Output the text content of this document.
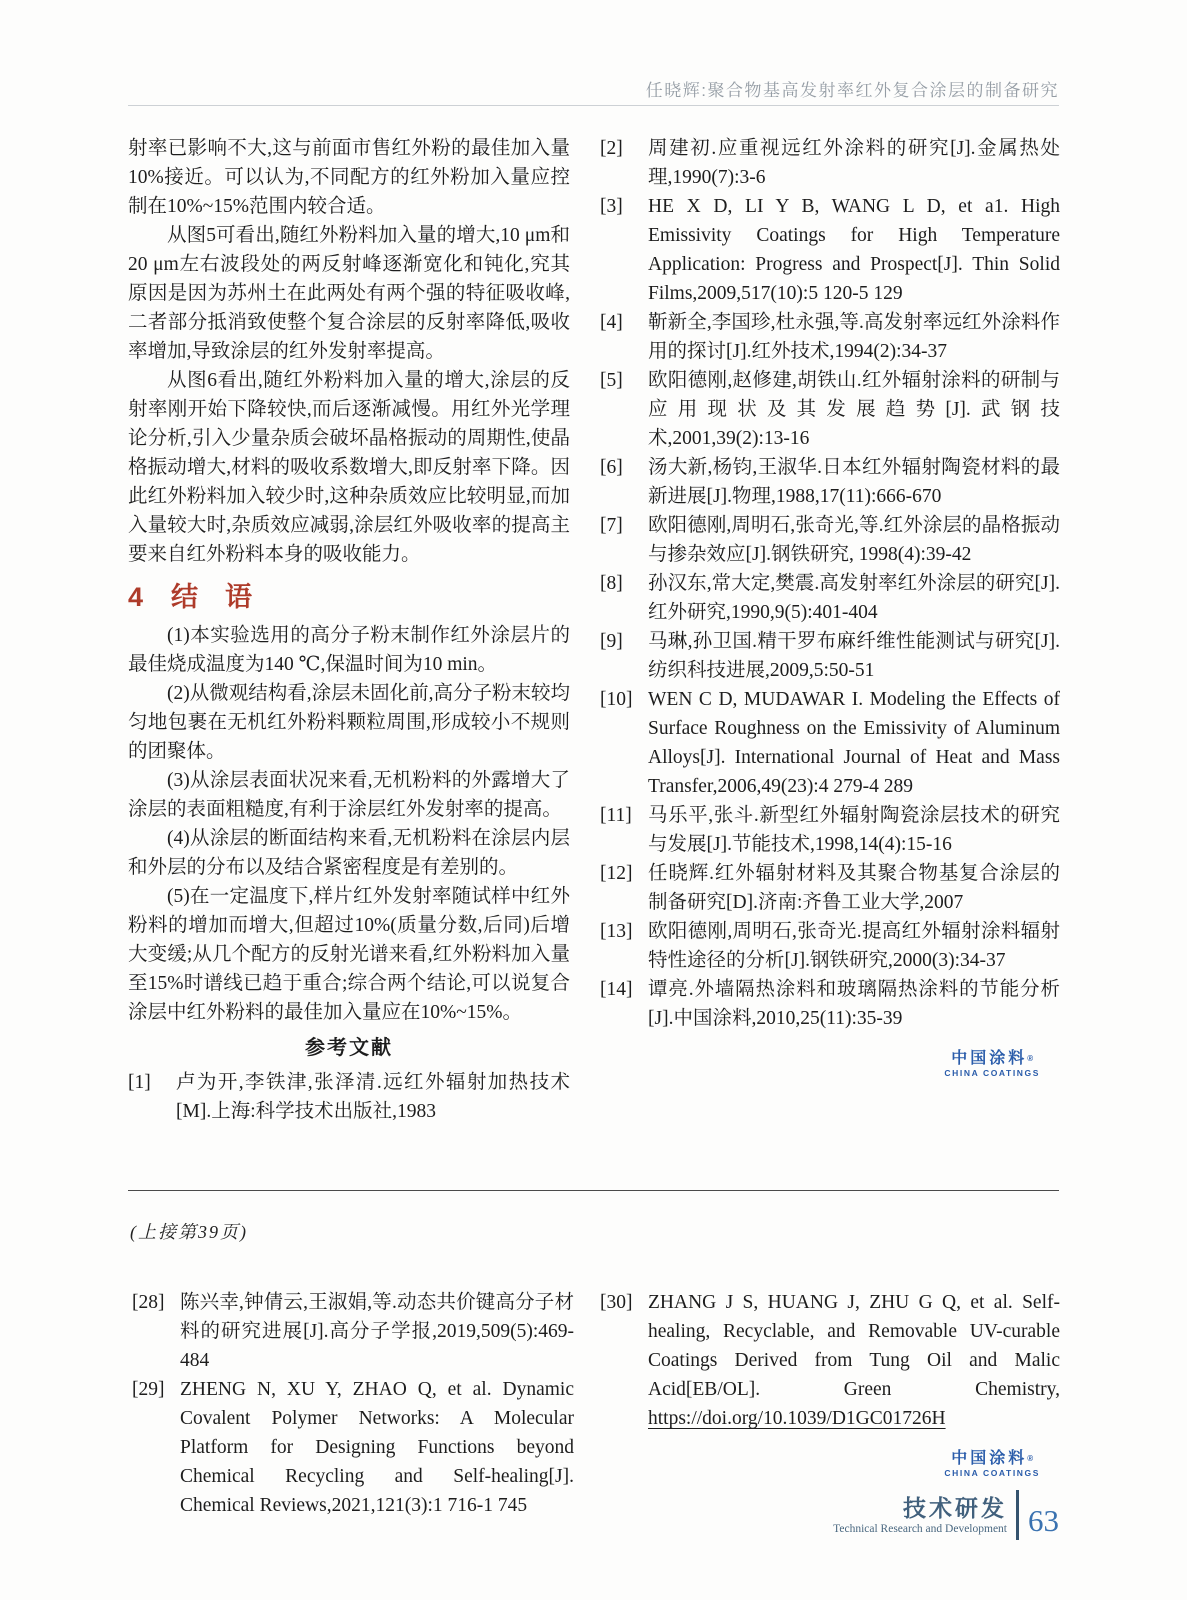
任晓辉:聚合物基高发射率红外复合涂层的制备研究

射率已影响不大,这与前面市售红外粉的最佳加入量10%接近。可以认为,不同配方的红外粉加入量应控制在10%~15%范围内较合适。

从图5可看出,随红外粉料加入量的增大,10 μm和20 μm左右波段处的两反射峰逐渐宽化和钝化,究其原因是因为苏州土在此两处有两个强的特征吸收峰,二者部分抵消致使整个复合涂层的反射率降低,吸收率增加,导致涂层的红外发射率提高。

从图6看出,随红外粉料加入量的增大,涂层的反射率刚开始下降较快,而后逐渐减慢。用红外光学理论分析,引入少量杂质会破坏晶格振动的周期性,使晶格振动增大,材料的吸收系数增大,即反射率下降。因此红外粉料加入较少时,这种杂质效应比较明显,而加入量较大时,杂质效应减弱,涂层红外吸收率的提高主要来自红外粉料本身的吸收能力。

4 结　语

(1)本实验选用的高分子粉末制作红外涂层片的最佳烧成温度为140 ℃,保温时间为10 min。

(2)从微观结构看,涂层未固化前,高分子粉末较均匀地包裹在无机红外粉料颗粒周围,形成较小不规则的团聚体。

(3)从涂层表面状况来看,无机粉料的外露增大了涂层的表面粗糙度,有利于涂层红外发射率的提高。

(4)从涂层的断面结构来看,无机粉料在涂层内层和外层的分布以及结合紧密程度是有差别的。

(5)在一定温度下,样片红外发射率随试样中红外粉料的增加而增大,但超过10%(质量分数,后同)后增大变缓;从几个配方的反射光谱来看,红外粉料加入量至15%时谱线已趋于重合;综合两个结论,可以说复合涂层中红外粉料的最佳加入量应在10%~15%。

参考文献
[1]	卢为开,李铁津,张泽清.远红外辐射加热技术[M].上海:科学技术出版社,1983
[2]	周建初.应重视远红外涂料的研究[J].金属热处理,1990(7):3-6
[3]	HE X D, LI Y B, WANG L D, et a1. High Emissivity Coatings for High Temperature Application: Progress and Prospect[J]. Thin Solid Films,2009,517(10):5 120-5 129
[4]	靳新全,李国珍,杜永强,等.高发射率远红外涂料作用的探讨[J].红外技术,1994(2):34-37
[5]	欧阳德刚,赵修建,胡铁山.红外辐射涂料的研制与应用现状及其发展趋势[J].武钢技术,2001,39(2):13-16
[6]	汤大新,杨钧,王淑华.日本红外辐射陶瓷材料的最新进展[J].物理,1988,17(11):666-670
[7]	欧阳德刚,周明石,张奇光,等.红外涂层的晶格振动与掺杂效应[J].钢铁研究, 1998(4):39-42
[8]	孙汉东,常大定,樊震.高发射率红外涂层的研究[J].红外研究,1990,9(5):401-404
[9]	马琳,孙卫国.精干罗布麻纤维性能测试与研究[J].纺织科技进展,2009,5:50-51
[10] WEN C D, MUDAWAR I. Modeling the Effects of Surface Roughness on the Emissivity of Aluminum Alloys[J]. International Journal of Heat and Mass Transfer,2006,49(23):4 279-4 289
[11] 马乐平,张斗.新型红外辐射陶瓷涂层技术的研究与发展[J].节能技术,1998,14(4):15-16
[12] 任晓辉.红外辐射材料及其聚合物基复合涂层的制备研究[D].济南:齐鲁工业大学,2007
[13] 欧阳德刚,周明石,张奇光.提高红外辐射涂料辐射特性途径的分析[J].钢铁研究,2000(3):34-37
[14] 谭亮.外墙隔热涂料和玻璃隔热涂料的节能分析[J].中国涂料,2010,25(11):35-39
中国涂料®
CHINA COATINGS
(上接第39页)
[28] 陈兴幸,钟倩云,王淑娟,等.动态共价键高分子材料的研究进展[J].高分子学报,2019,509(5):469-484
[29] ZHENG N, XU Y, ZHAO Q, et al. Dynamic Covalent Polymer Networks: A Molecular Platform for Designing Functions beyond Chemical Recycling and Self-healing[J]. Chemical Reviews,2021,121(3):1 716-1 745
[30] ZHANG J S, HUANG J, ZHU G Q, et al. Self-healing, Recyclable, and Removable UV-curable Coatings Derived from Tung Oil and Malic Acid[EB/OL]. Green Chemistry, https://doi.org/10.1039/D1GC01726H
中国涂料®
CHINA COATINGS
技术研发
Technical Research and Development 63
